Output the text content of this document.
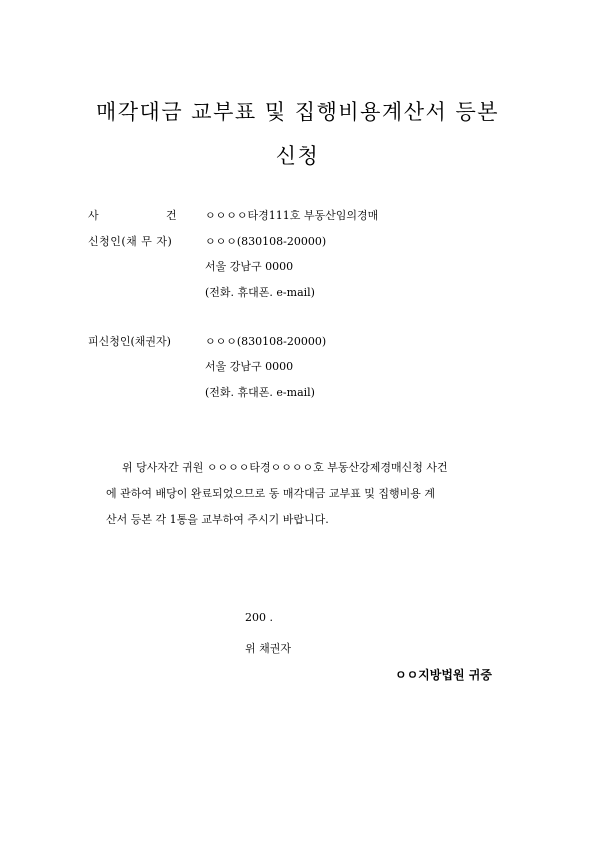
매각대금 교부표 및 집행비용계산서 등본
신청
사	건	ㅇㅇㅇㅇ타경111호 부동산임의경매
신청인(채 무 자)	ㅇㅇㅇ(830108-20000)
서울 강남구 0000
(전화. 휴대폰. e-mail)
피신청인(채권자)	ㅇㅇㅇ(830108-20000)
서울 강남구 0000
(전화. 휴대폰. e-mail)
위 당사자간 귀원 ㅇㅇㅇㅇ타경ㅇㅇㅇㅇ호 부동산강제경매신청 사건
에 관하여 배당이 완료되었으므로 동 매각대금 교부표 및 집행비용 계
산서 등본 각 1통을 교부하여 주시기 바랍니다.
200 .
위 채권자
ㅇㅇ지방법원 귀중
